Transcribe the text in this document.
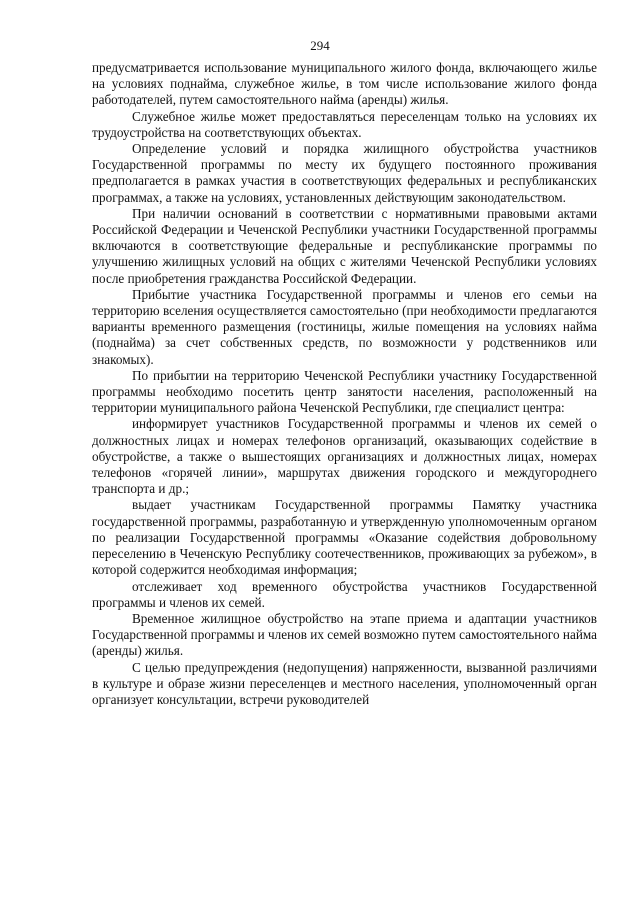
294

предусматривается использование муниципального жилого фонда, включающего жилье на условиях поднайма, служебное жилье, в том числе использование жилого фонда работодателей, путем самостоятельного найма (аренды) жилья.

Служебное жилье может предоставляться переселенцам только на условиях их трудоустройства на соответствующих объектах.

Определение условий и порядка жилищного обустройства участников Государственной программы по месту их будущего постоянного проживания предполагается в рамках участия в соответствующих федеральных и республиканских программах, а также на условиях, установленных действующим законодательством.

При наличии оснований в соответствии с нормативными правовыми актами Российской Федерации и Чеченской Республики участники Государственной программы включаются в соответствующие федеральные и республиканские программы по улучшению жилищных условий на общих с жителями Чеченской Республики условиях после приобретения гражданства Российской Федерации.

Прибытие участника Государственной программы и членов его семьи на территорию вселения осуществляется самостоятельно (при необходимости предлагаются варианты временного размещения (гостиницы, жилые помещения на условиях найма (поднайма) за счет собственных средств, по возможности у родственников или знакомых).

По прибытии на территорию Чеченской Республики участнику Государственной программы необходимо посетить центр занятости населения, расположенный на территории муниципального района Чеченской Республики, где специалист центра:

информирует участников Государственной программы и членов их семей о должностных лицах и номерах телефонов организаций, оказывающих содействие в обустройстве, а также о вышестоящих организациях и должностных лицах, номерах телефонов «горячей линии», маршрутах движения городского и междугороднего транспорта и др.;

выдает участникам Государственной программы Памятку участника государственной программы, разработанную и утвержденную уполномоченным органом по реализации Государственной программы «Оказание содействия добровольному переселению в Чеченскую Республику соотечественников, проживающих за рубежом», в которой содержится необходимая информация;

отслеживает ход временного обустройства участников Государственной программы и членов их семей.

Временное жилищное обустройство на этапе приема и адаптации участников Государственной программы и членов их семей возможно путем самостоятельного найма (аренды) жилья.

С целью предупреждения (недопущения) напряженности, вызванной различиями в культуре и образе жизни переселенцев и местного населения, уполномоченный орган организует консультации, встречи руководителей
